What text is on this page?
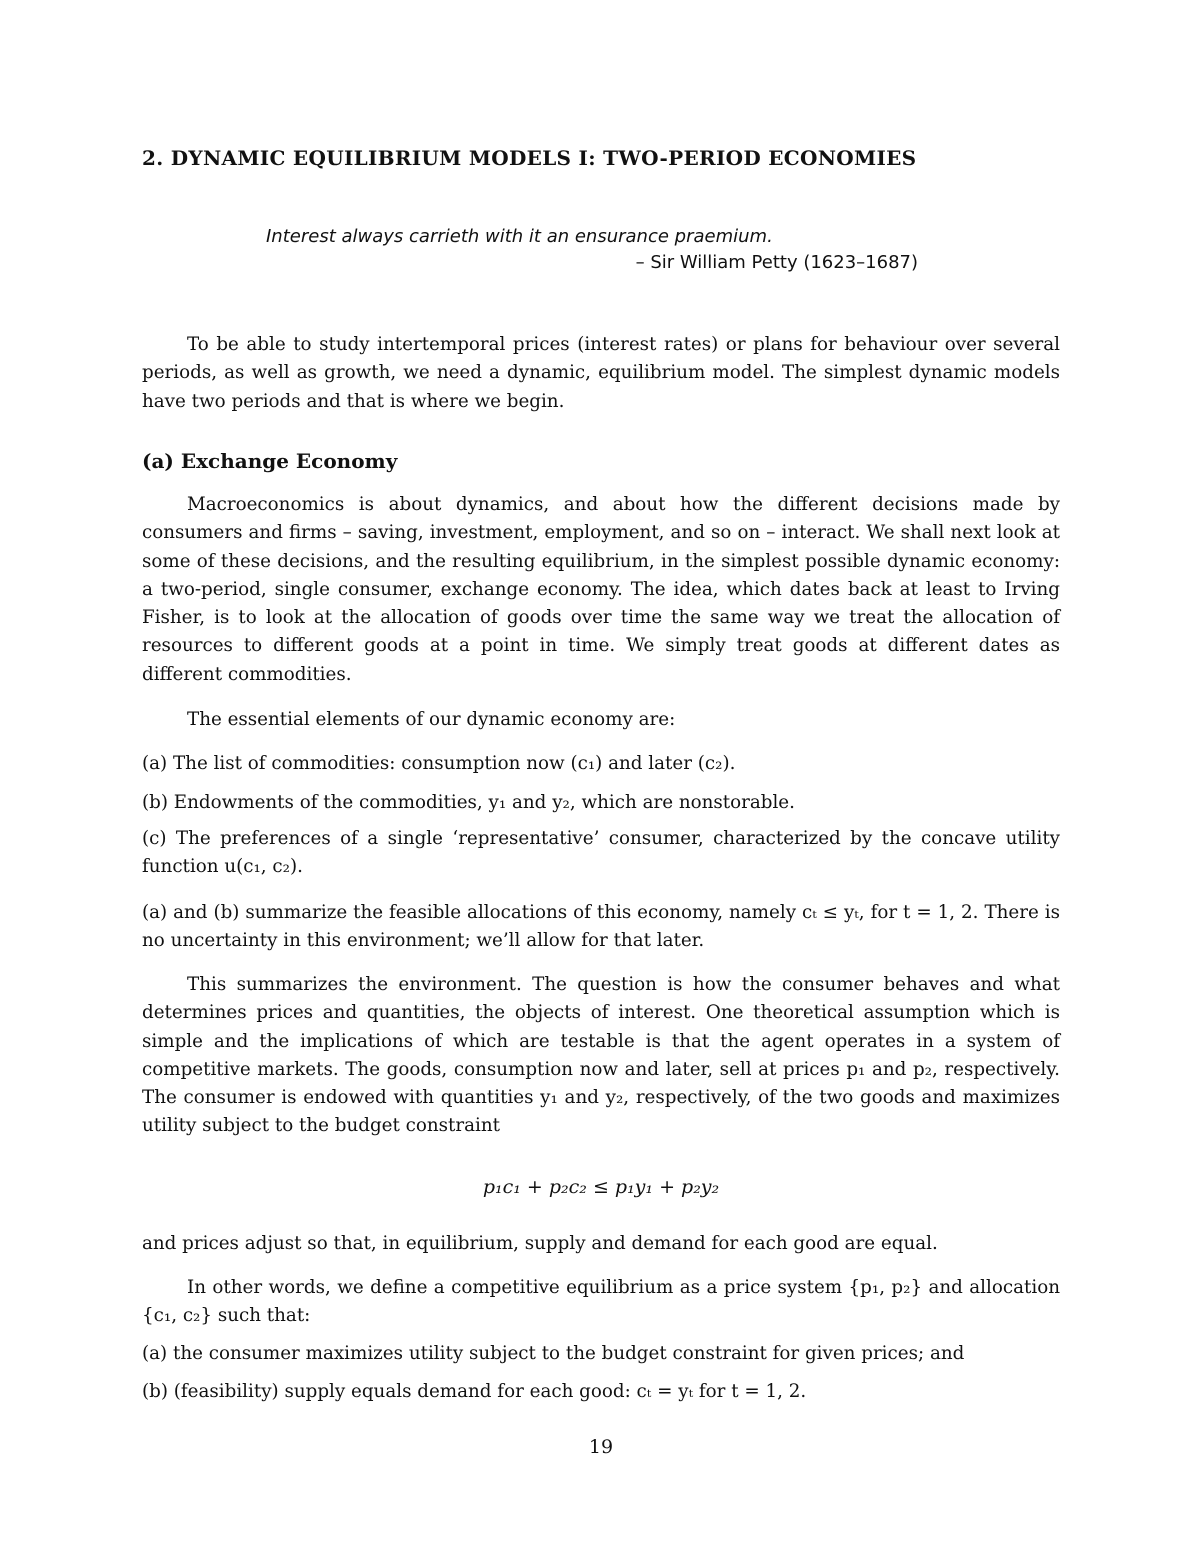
2. DYNAMIC EQUILIBRIUM MODELS I: TWO-PERIOD ECONOMIES
Interest always carrieth with it an ensurance praemium.
– Sir William Petty (1623–1687)

To be able to study intertemporal prices (interest rates) or plans for behaviour over several periods, as well as growth, we need a dynamic, equilibrium model. The simplest dynamic models have two periods and that is where we begin.

(a) Exchange Economy

Macroeconomics is about dynamics, and about how the different decisions made by consumers and firms – saving, investment, employment, and so on – interact. We shall next look at some of these decisions, and the resulting equilibrium, in the simplest possible dynamic economy: a two-period, single consumer, exchange economy. The idea, which dates back at least to Irving Fisher, is to look at the allocation of goods over time the same way we treat the allocation of resources to different goods at a point in time. We simply treat goods at different dates as different commodities.

The essential elements of our dynamic economy are:

(a) The list of commodities: consumption now (c₁) and later (c₂).

(b) Endowments of the commodities, y₁ and y₂, which are nonstorable.

(c) The preferences of a single ‘representative’ consumer, characterized by the concave utility function u(c₁, c₂).

(a) and (b) summarize the feasible allocations of this economy, namely cₜ ≤ yₜ, for t = 1, 2. There is no uncertainty in this environment; we’ll allow for that later.

This summarizes the environment. The question is how the consumer behaves and what determines prices and quantities, the objects of interest. One theoretical assumption which is simple and the implications of which are testable is that the agent operates in a system of competitive markets. The goods, consumption now and later, sell at prices p₁ and p₂, respectively. The consumer is endowed with quantities y₁ and y₂, respectively, of the two goods and maximizes utility subject to the budget constraint

p₁c₁ + p₂c₂ ≤ p₁y₁ + p₂y₂

and prices adjust so that, in equilibrium, supply and demand for each good are equal.

In other words, we define a competitive equilibrium as a price system {p₁, p₂} and allocation {c₁, c₂} such that:

(a) the consumer maximizes utility subject to the budget constraint for given prices; and

(b) (feasibility) supply equals demand for each good: cₜ = yₜ for t = 1, 2.

19
